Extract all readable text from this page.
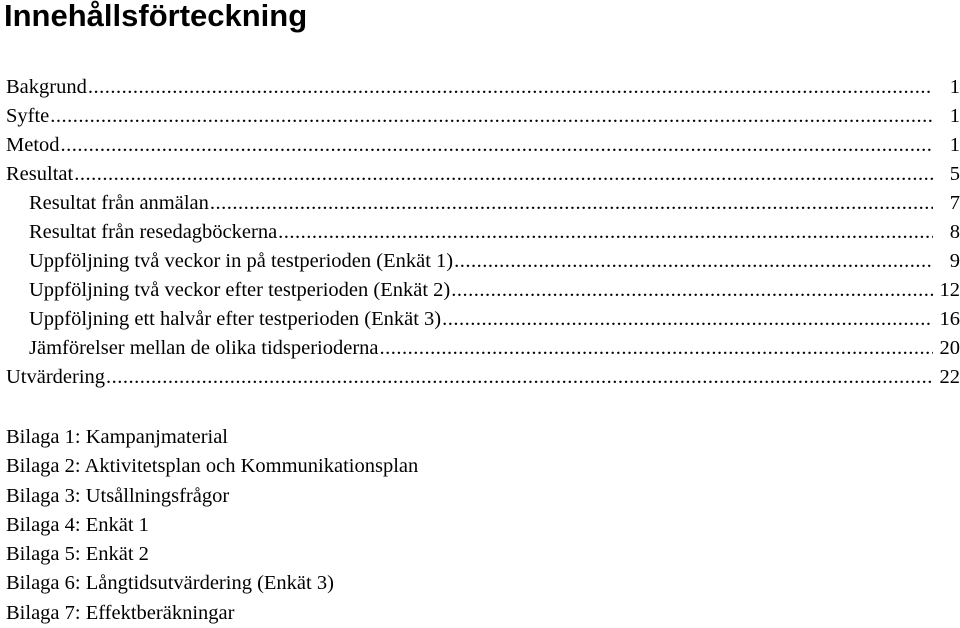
Innehållsförteckning
Bakgrund .....	1
Syfte .....	1
Metod .....	1
Resultat .....	5
Resultat från anmälan .....	7
Resultat från resedagböckerna .....	8
Uppföljning två veckor in på testperioden (Enkät 1) .....	9
Uppföljning två veckor efter testperioden (Enkät 2) .....	12
Uppföljning ett halvår efter testperioden (Enkät 3) .....	16
Jämförelser mellan de olika tidsperioderna .....	20
Utvärdering .....	22
Bilaga 1: Kampanjmaterial
Bilaga 2: Aktivitetsplan och Kommunikationsplan
Bilaga 3: Utsållningsfrågor
Bilaga 4: Enkät 1
Bilaga 5: Enkät 2
Bilaga 6: Långtidsutvärdering (Enkät 3)
Bilaga 7: Effektberäkningar
